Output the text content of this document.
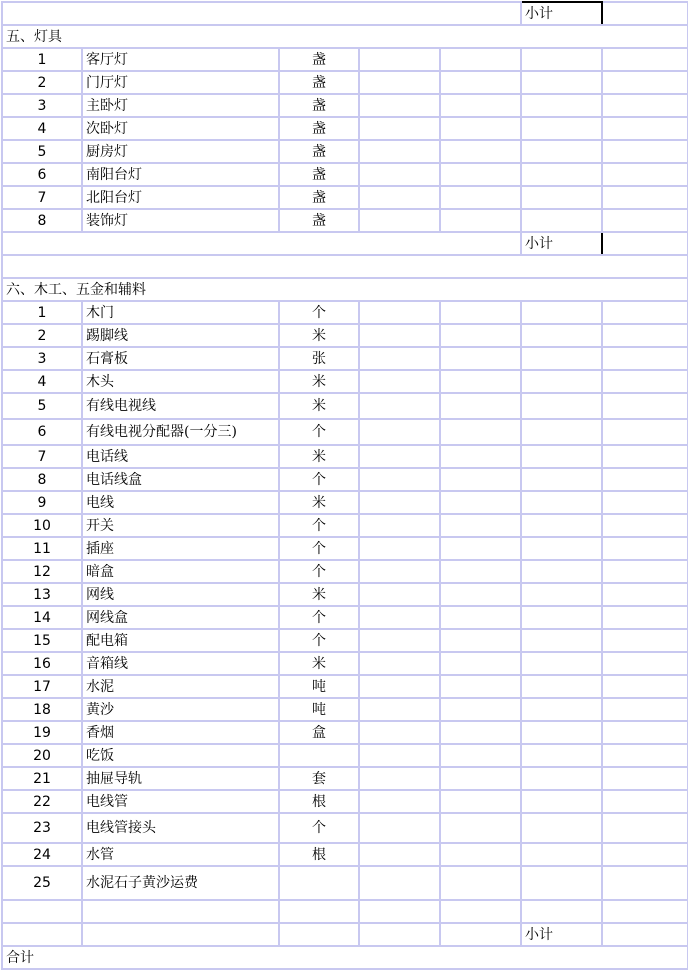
					小计	
五、灯具						
1	客厅灯	盏				
2	门厅灯	盏				
3	主卧灯	盏				
4	次卧灯	盏				
5	厨房灯	盏				
6	南阳台灯	盏				
7	北阳台灯	盏				
8	装饰灯	盏				
					小计	

六、木工、五金和辅料						
1	木门	个				
2	踢脚线	米				
3	石膏板	张				
4	木头	米				
5	有线电视线	米				
6	有线电视分配器(一分三)	个				
7	电话线	米				
8	电话线盒	个				
9	电线	米				
10	开关	个				
11	插座	个				
12	暗盒	个				
13	网线	米				
14	网线盒	个				
15	配电箱	个				
16	音箱线	米				
17	水泥	吨				
18	黄沙	吨				
19	香烟	盒				
20	吃饭					
21	抽屉导轨	套				
22	电线管	根				
23	电线管接头	个				
24	水管	根				
25	水泥石子黄沙运费					

					小计	
合计						
